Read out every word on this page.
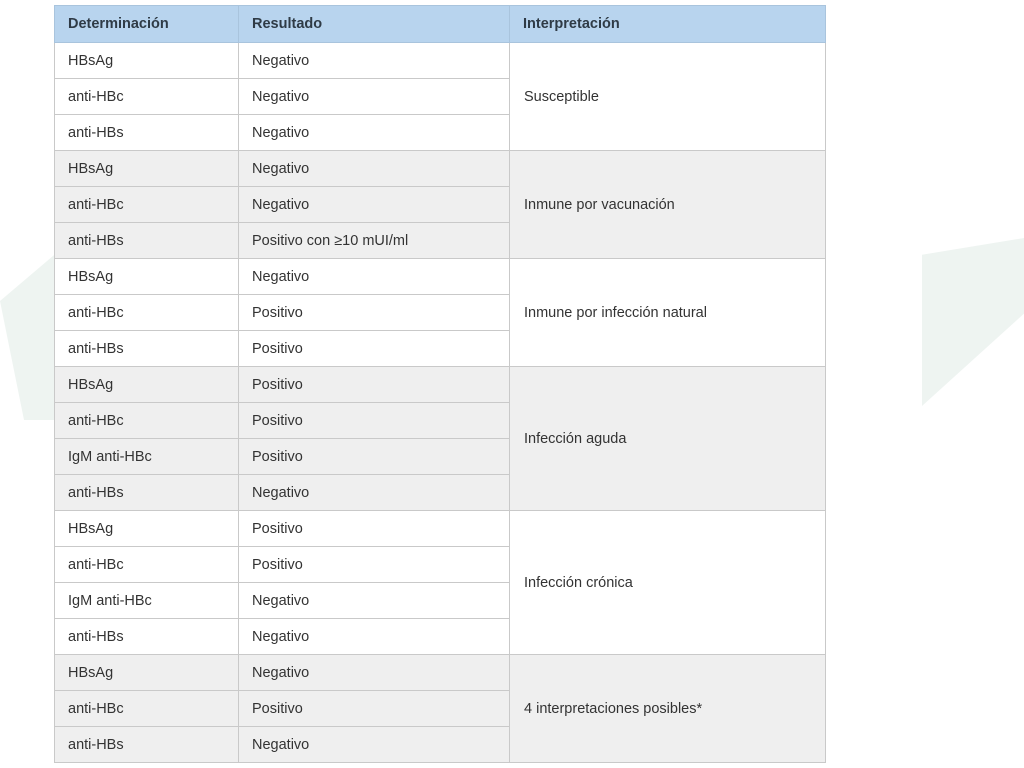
Determinación	Resultado	Interpretación
HBsAg	Negativo	Susceptible
anti-HBc	Negativo	
anti-HBs	Negativo	
HBsAg	Negativo	Inmune por vacunación
anti-HBc	Negativo	
anti-HBs	Positivo con ≥10 mUI/ml	
HBsAg	Negativo	Inmune por infección natural
anti-HBc	Positivo	
anti-HBs	Positivo	
HBsAg	Positivo	Infección aguda
anti-HBc	Positivo	
IgM anti-HBc	Positivo	
anti-HBs	Negativo	
HBsAg	Positivo	Infección crónica
anti-HBc	Positivo	
IgM anti-HBc	Negativo	
anti-HBs	Negativo	
HBsAg	Negativo	4 interpretaciones posibles*
anti-HBc	Positivo	
anti-HBs	Negativo	
